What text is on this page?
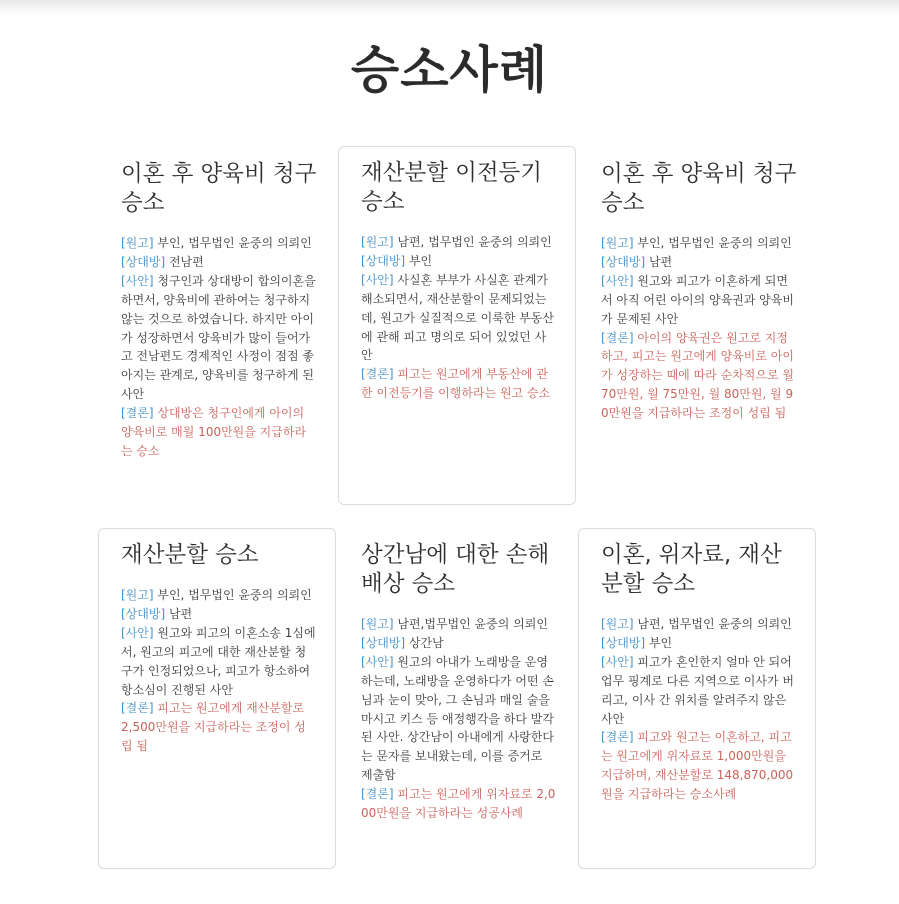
승소사례
이혼 후 양육비 청구 승소

[원고] 부인, 법무법인 윤중의 의뢰인

[상대방] 전남편

[사안] 청구인과 상대방이 합의이혼을 하면서, 양육비에 관하여는 청구하지 않는 것으로 하였습니다. 하지만 아이가 성장하면서 양육비가 많이 들어가고 전남편도 경제적인 사정이 점점 좋아지는 관계로, 양육비를 청구하게 된 사안

[결론] 상대방은 청구인에게 아이의 양육비로 매월 100만원을 지급하라는 승소

재산분할 이전등기 승소

[원고] 남편, 법무법인 윤중의 의뢰인

[상대방] 부인

[사안] 사실혼 부부가 사실혼 관계가 해소되면서, 재산분할이 문제되었는데, 원고가 실질적으로 이룩한 부동산에 관해 피고 명의로 되어 있었던 사안

[결론] 피고는 원고에게 부동산에 관한 이전등기를 이행하라는 원고 승소

이혼 후 양육비 청구 승소

[원고] 부인, 법무법인 윤중의 의뢰인

[상대방] 남편

[사안] 원고와 피고가 이혼하게 되면서 아직 어린 아이의 양육권과 양육비가 문제된 사안

[결론] 아이의 양육권은 원고로 지정하고, 피고는 원고에게 양육비로 아이가 성장하는 때에 따라 순차적으로 월 70만원, 월 75만원, 월 80만원, 월 90만원을 지급하라는 조정이 성립 됨

재산분할 승소

[원고] 부인, 법무법인 윤중의 의뢰인

[상대방] 남편

[사안] 원고와 피고의 이혼소송 1심에서, 원고의 피고에 대한 재산분할 청구가 인정되었으나, 피고가 항소하여 항소심이 진행된 사안

[결론] 피고는 원고에게 재산분할로 2,500만원을 지급하라는 조정이 성립 됨

상간남에 대한 손해배상 승소

[원고] 남편,법무법인 윤중의 의뢰인

[상대방] 상간남

[사안] 원고의 아내가 노래방을 운영하는데, 노래방을 운영하다가 어떤 손님과 눈이 맞아, 그 손님과 매일 술을 마시고 키스 등 애정행각을 하다 발각된 사안. 상간남이 아내에게 사랑한다는 문자를 보내왔는데, 이를 증거로 제출함

[결론] 피고는 원고에게 위자료로 2,000만원을 지급하라는 성공사례

이혼, 위자료, 재산분할 승소

[원고] 남편, 법무법인 윤중의 의뢰인

[상대방] 부인

[사안] 피고가 혼인한지 얼마 안 되어 업무 핑계로 다른 지역으로 이사가 버리고, 이사 간 위치를 알려주지 않은 사안

[결론] 피고와 원고는 이혼하고, 피고는 원고에게 위자료로 1,000만원을 지급하며, 재산분할로 148,870,000원을 지급하라는 승소사례
